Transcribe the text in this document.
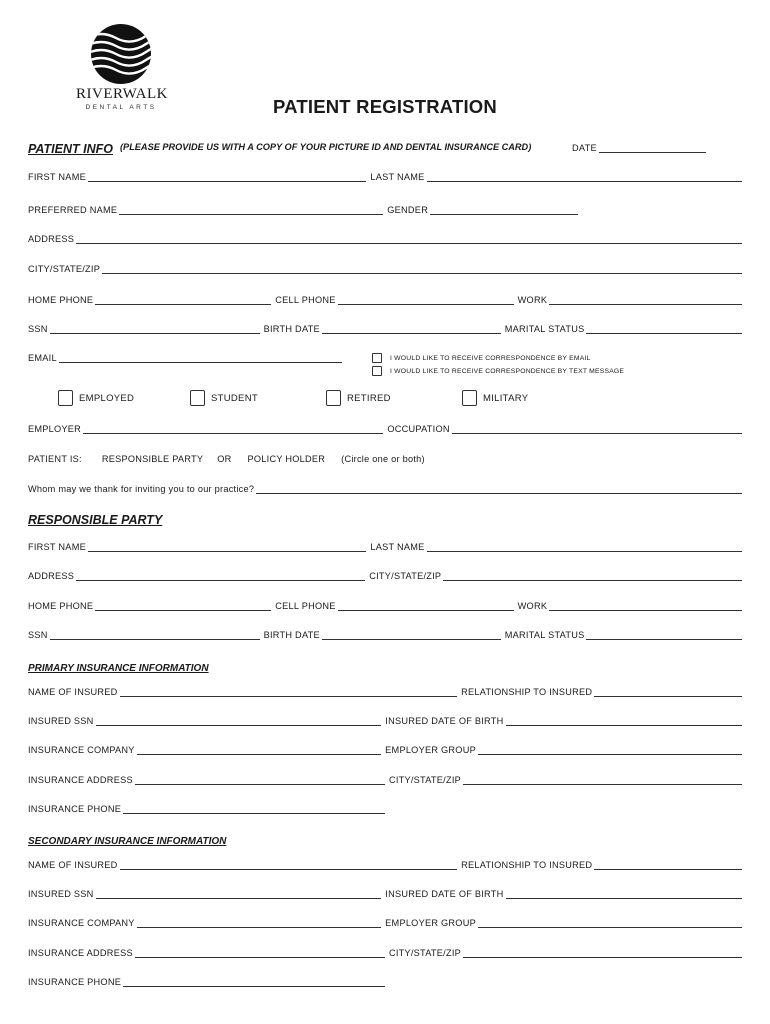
RIVERWALK
DENTAL ARTS	PATIENT REGISTRATION
PATIENT INFO (PLEASE PROVIDE US WITH A COPY OF YOUR PICTURE ID AND DENTAL INSURANCE CARD)	DATE
FIRST NAME	LAST NAME
PREFERRED NAME	GENDER
ADDRESS
CITY/STATE/ZIP
HOME PHONE	CELL PHONE	WORK
SSN	BIRTH DATE	MARITAL STATUS
EMAIL	I WOULD LIKE TO RECEIVE CORRESPONDENCE BY EMAIL
I WOULD LIKE TO RECEIVE CORRESPONDENCE BY TEXT MESSAGE
EMPLOYED	STUDENT	RETIRED	MILITARY
EMPLOYER	OCCUPATION
PATIENT IS: RESPONSIBLE PARTY OR POLICY HOLDER (Circle one or both)
Whom may we thank for inviting you to our practice?
RESPONSIBLE PARTY
FIRST NAME	LAST NAME
ADDRESS	CITY/STATE/ZIP
HOME PHONE	CELL PHONE	WORK
SSN	BIRTH DATE	MARITAL STATUS
PRIMARY INSURANCE INFORMATION
NAME OF INSURED	RELATIONSHIP TO INSURED
INSURED SSN	INSURED DATE OF BIRTH
INSURANCE COMPANY	EMPLOYER GROUP
INSURANCE ADDRESS	CITY/STATE/ZIP
INSURANCE PHONE
SECONDARY INSURANCE INFORMATION
NAME OF INSURED	RELATIONSHIP TO INSURED
INSURED SSN	INSURED DATE OF BIRTH
INSURANCE COMPANY	EMPLOYER GROUP
INSURANCE ADDRESS	CITY/STATE/ZIP
INSURANCE PHONE
